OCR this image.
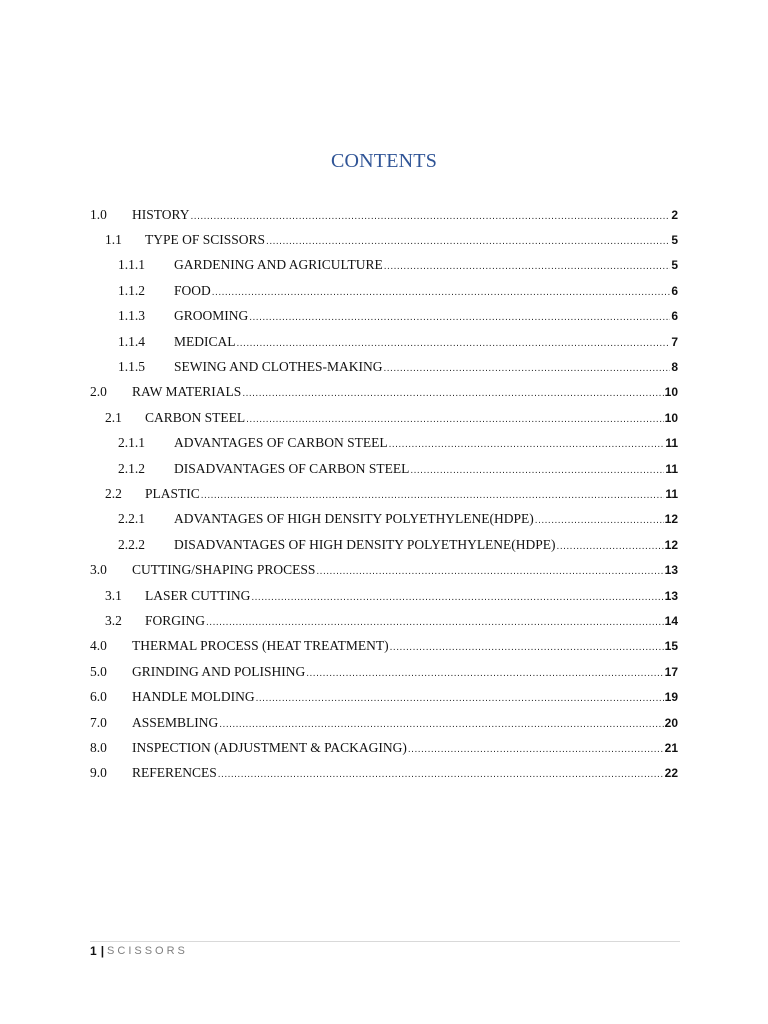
CONTENTS
1.0	HISTORY .....	2
1.1	TYPE OF SCISSORS .....	5
1.1.1	GARDENING AND AGRICULTURE .....	5
1.1.2	FOOD .....	6
1.1.3	GROOMING .....	6
1.1.4	MEDICAL .....	7
1.1.5	SEWING AND CLOTHES-MAKING .....	8
2.0	RAW MATERIALS .....	10
2.1	CARBON STEEL .....	10
2.1.1	ADVANTAGES OF CARBON STEEL .....	11
2.1.2	DISADVANTAGES OF CARBON STEEL .....	11
2.2	PLASTIC .....	11
2.2.1	ADVANTAGES OF HIGH DENSITY POLYETHYLENE(HDPE) .....	12
2.2.2	DISADVANTAGES OF HIGH DENSITY POLYETHYLENE(HDPE) .....	12
3.0	CUTTING/SHAPING PROCESS .....	13
3.1	LASER CUTTING .....	13
3.2	FORGING .....	14
4.0	THERMAL PROCESS (HEAT TREATMENT) .....	15
5.0	GRINDING AND POLISHING .....	17
6.0	HANDLE MOLDING .....	19
7.0	ASSEMBLING .....	20
8.0	INSPECTION (ADJUSTMENT & PACKAGING) .....	21
9.0	REFERENCES .....	22
1 | SCISSORS
